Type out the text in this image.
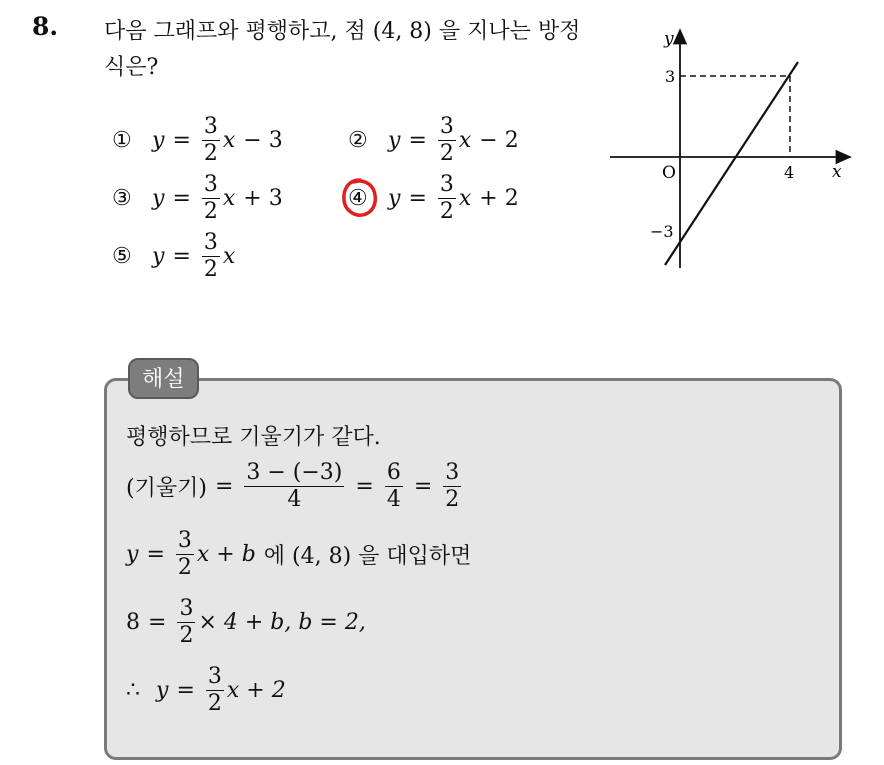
8. 다음 그래프와 평행하고, 점 (4, 8) 을 지나는 방정식은?
① $y = \frac{3}{2}$ x − 3	② $y = \frac{3}{2}$ x − 2
③ $y = \frac{3}{2}$ x + 3	④ $y = \frac{3}{2}$ x + 2
⑤ $y = \frac{3}{2}$ x
y
x
O	4
3
−3
해설
평행하므로 기울기가 같다.
(기울기) = $\frac{3 - (-3)}{4} = \frac{6}{4} = \frac{3}{2}$
$y = \frac{3}{2}$ x + b 에 (4, 8) 을 대입하면
$8 = \frac{3}{2} \times 4 + b$, b = 2,
∴ $y = \frac{3}{2}$ x + 2
